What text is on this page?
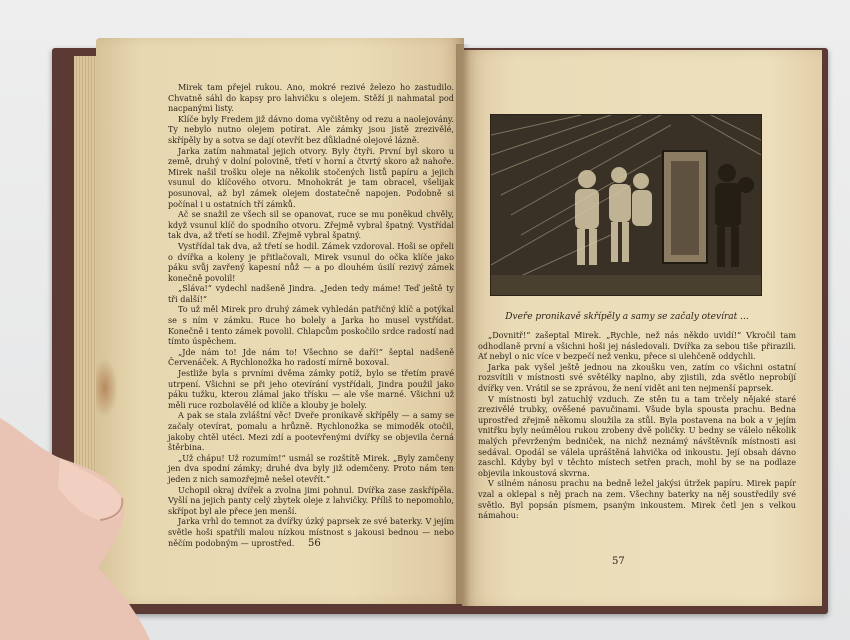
Mirek tam přejel rukou. Ano, mokré rezivé železo ho zastudilo. Chvatně sáhl do kapsy pro lahvičku s olejem. Stěží ji nahmatal pod nacpanými listy.

Klíče byly Fredem již dávno doma vyčištěny od rezu a naolejovány. Ty nebylo nutno olejem potírat. Ale zámky jsou jistě zrezivělé, skřípěly by a sotva se dají otevřít bez důkladné olejové lázně.

Jarka zatím nahmatal jejich otvory. Byly čtyři. První byl skoro u země, druhý v dolní polovině, třetí v horní a čtvrtý skoro až nahoře. Mirek našil trošku oleje na několik stočených listů papíru a jejich vsunul do klíčového otvoru. Mnohokrát je tam obracel, všelijak posunoval, až byl zámek olejem dostatečně napojen. Podobně si počínal i u ostatních tří zámků.

Ač se snažil ze všech sil se opanovat, ruce se mu poněkud chvěly, když vsunul klíč do spodního otvoru. Zřejmě vybral špatný. Vystřídal tak dva, až třetí se hodil. Zřejmě vybral špatný.

Vystřídal tak dva, až třetí se hodil. Zámek vzdoroval. Hoši se opřeli o dvířka a koleny je přitlačovali, Mirek vsunul do očka klíče jako páku svůj zavřený kapesní nůž — a po dlouhém úsilí rezivý zámek konečně povolil!

„Sláva!“ vydechl nadšeně Jindra. „Jeden tedy máme! Teď ještě ty tři další!“

To už měl Mirek pro druhý zámek vyhledán patřičný klíč a potýkal se s ním v zámku. Ruce ho bolely a Jarka ho musel vystřídat. Konečně i tento zámek povolil. Chlapcům poskočilo srdce radostí nad tímto úspěchem.

„Jde nám to! Jde nám to! Všechno se daří!“ šeptal nadšeně Červenáček. A Rychlonožka ho radostí mírně boxoval.

Jestliže byla s prvními dvěma zámky potíž, bylo se třetím pravé utrpení. Všichni se při jeho otevírání vystřídali, Jindra použil jako páku tužku, kterou zlámal jako třísku — ale vše marné. Všichni už měli ruce rozbolavělé od klíče a klouby je bolely.

A pak se stala zvláštní věc! Dveře pronikavě skřípěly — a samy se začaly otevírat, pomalu a hrůzně. Rychlonožka se mimoděk otočil, jakoby chtěl utéci. Mezi zdí a pootevřenými dvířky se objevila černá štěrbina.

„Už chápu! Už rozumím!“ usmál se rozštítě Mirek. „Byly zamčeny jen dva spodní zámky; druhé dva byly již odemčeny. Proto nám ten jeden z nich samozřejmě nešel otevřít.“

Uchopil okraj dvířek a zvolna jimi pohnul. Dvířka zase zaskřípěla. Vyšlí na jejich panty celý zbytek oleje z lahvičky. Příliš to nepomohlo, skřípot byl ale přece jen menší.

Jarka vrhl do temnot za dvířky úzký paprsek ze své baterky. V jejím světle hoši spatřili malou nízkou místnost s jakousi bednou — nebo něčím podobným — uprostřed.	56
Dveře pronikavě skřípěly a samy se začaly otevírat ...

„Dovnitř!“ zašeptal Mirek. „Rychle, než nás někdo uvidí!“ Vkročil tam odhodlaně první a všichni hoši jej následovali. Dvířka za sebou tiše přirazili. Ať nebyl o nic více v bezpečí než venku, přece si ulehčeně oddychli.

Jarka pak vyšel ještě jednou na zkoušku ven, zatím co všichni ostatní rozsvítili v místnosti své světélky naplno, aby zjistili, zda světlo neprobíjí dvířky ven. Vrátil se se zprávou, že není vidět ani ten nejmenší paprsek.

V místnosti byl zatuchlý vzduch. Ze stěn tu a tam trčely nějaké staré zrezivělé trubky, ověšené pavučinami. Všude byla spousta prachu. Bedna uprostřed zřejmě někomu sloužila za stůl. Byla postavena na bok a v jejím vnitřku byly neúmělou rukou zrobeny dvě poličky. U bedny se válelo několik malých převrženým bedniček, na nichž neznámý návštěvník místnosti asi sedával. Opodál se válela upráštěná lahvička od inkoustu. Její obsah dávno zaschl. Kdyby byl v těchto místech setřen prach, mohl by se na podlaze objevila inkoustová skvrna.

V silném nánosu prachu na bedně ležel jakýsi útržek papíru. Mirek papír vzal a oklepal s něj prach na zem. Všechny baterky na něj soustředily své světlo. Byl popsán písmem, psaným inkoustem. Mirek četl jen s velkou námahou:

57
